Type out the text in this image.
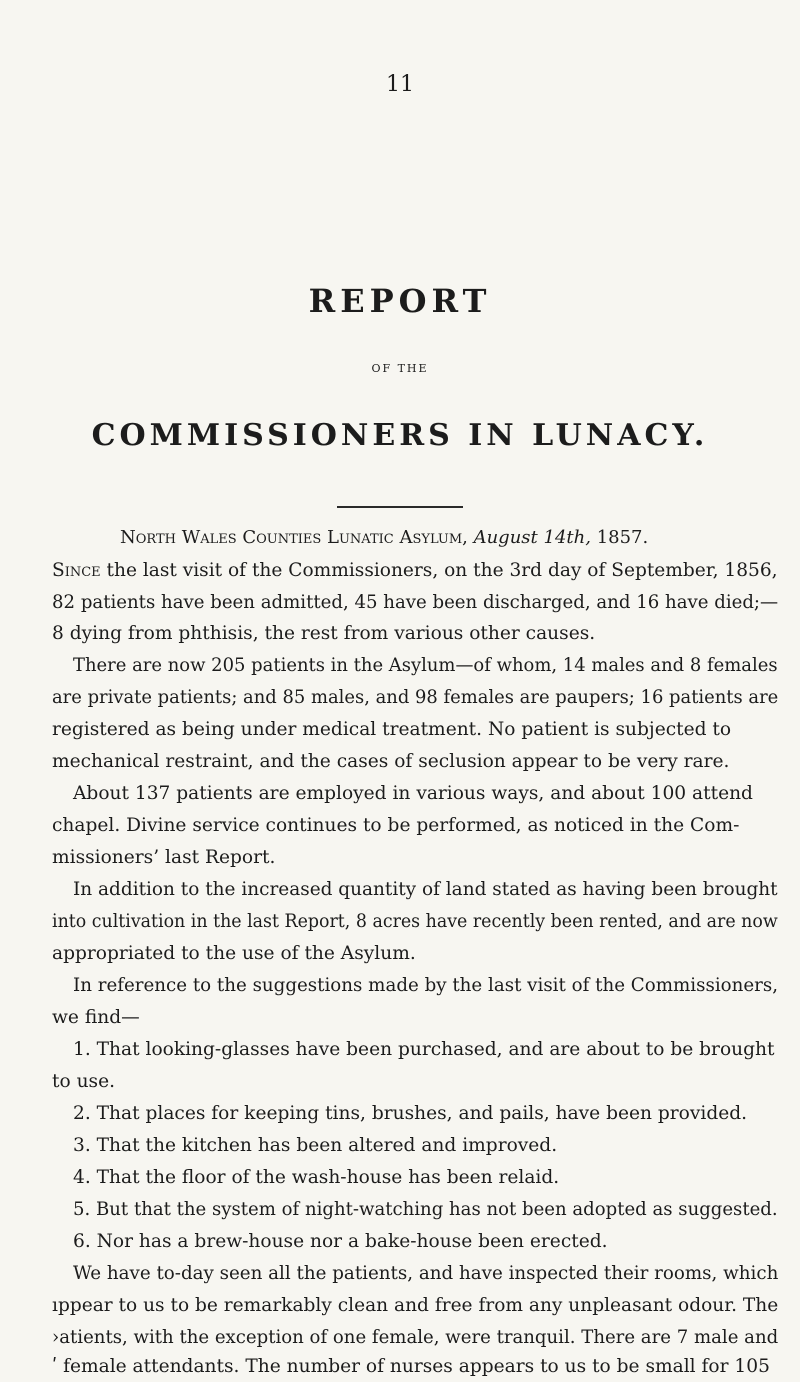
11
REPORT
OF THE
COMMISSIONERS IN LUNACY.
North Wales Counties Lunatic Asylum, August 14th, 1857.
Since the last visit of the Commissioners, on the 3rd day of September, 1856,
82 patients have been admitted, 45 have been discharged, and 16 have died;—
8 dying from phthisis, the rest from various other causes.
There are now 205 patients in the Asylum—of whom, 14 males and 8 females
are private patients; and 85 males, and 98 females are paupers; 16 patients are
registered as being under medical treatment. No patient is subjected to
mechanical restraint, and the cases of seclusion appear to be very rare.
About 137 patients are employed in various ways, and about 100 attend
chapel. Divine service continues to be performed, as noticed in the Com-
missioners’ last Report.
In addition to the increased quantity of land stated as having been brought
into cultivation in the last Report, 8 acres have recently been rented, and are now
appropriated to the use of the Asylum.
In reference to the suggestions made by the last visit of the Commissioners,
we find—
1. That looking-glasses have been purchased, and are about to be brought
to use.
2. That places for keeping tins, brushes, and pails, have been provided.
3. That the kitchen has been altered and improved.
4. That the floor of the wash-house has been relaid.
5. But that the system of night-watching has not been adopted as suggested.
6. Nor has a brew-house nor a bake-house been erected.
We have to-day seen all the patients, and have inspected their rooms, which
ıppear to us to be remarkably clean and free from any unpleasant odour. The
›atients, with the exception of one female, were tranquil. There are 7 male and
ʹ female attendants. The number of nurses appears to us to be small for 105
